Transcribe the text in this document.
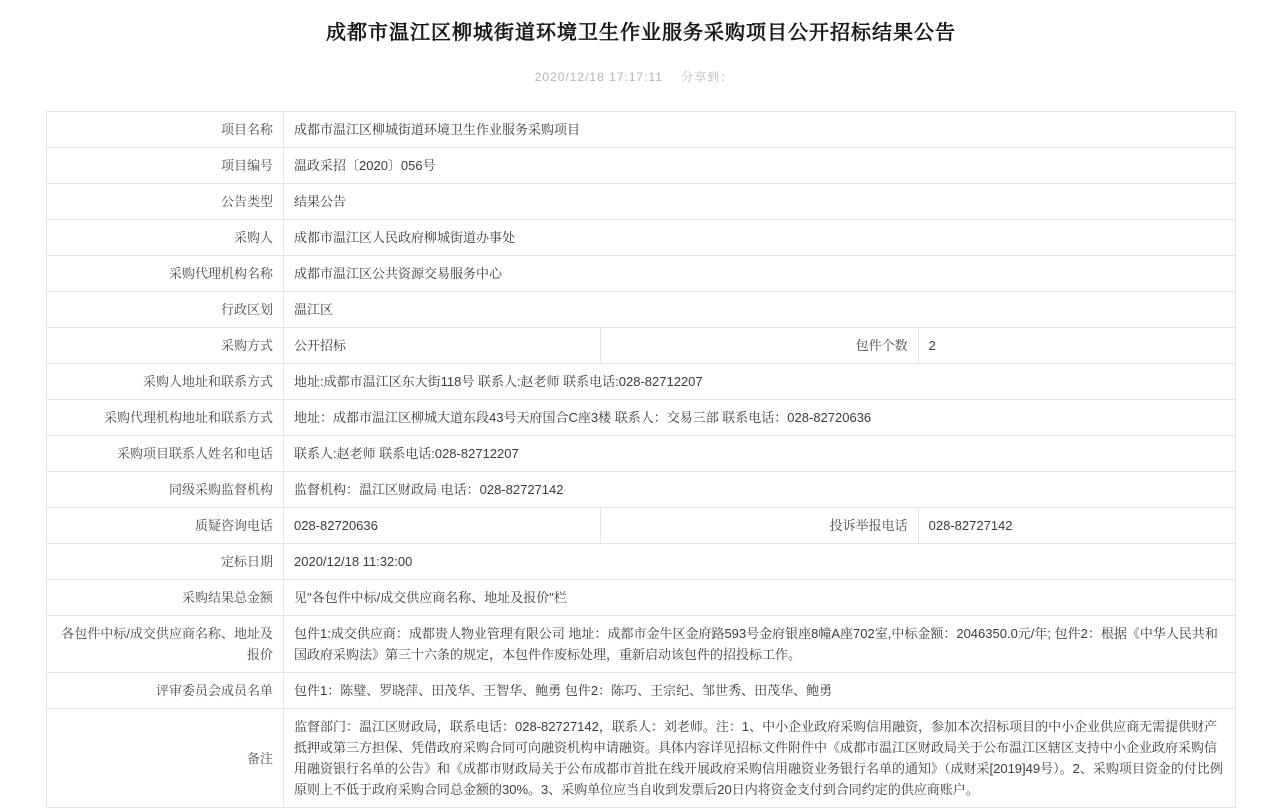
成都市温江区柳城街道环境卫生作业服务采购项目公开招标结果公告
2020/12/18 17:17:11 分享到：
项目名称	成都市温江区柳城街道环境卫生作业服务采购项目		
项目编号	温政采招〔2020〕056号		
公告类型	结果公告		
采购人	成都市温江区人民政府柳城街道办事处		
采购代理机构名称	成都市温江区公共资源交易服务中心		
行政区划	温江区		
采购方式	公开招标	包件个数	2
采购人地址和联系方式	地址:成都市温江区东大街118号 联系人:赵老师 联系电话:028-82712207		
采购代理机构地址和联系方式	地址：成都市温江区柳城大道东段43号天府国合C座3楼 联系人：交易三部 联系电话：028-82720636		
采购项目联系人姓名和电话	联系人:赵老师 联系电话:028-82712207		
同级采购监督机构	监督机构：温江区财政局 电话：028-82727142		
质疑咨询电话	028-82720636	投诉举报电话	028-82727142
定标日期	2020/12/18 11:32:00		
采购结果总金额	见"各包件中标/成交供应商名称、地址及报价"栏		
各包件中标/成交供应商名称、地址及报价	包件1:成交供应商：成都贵人物业管理有限公司 地址：成都市金牛区金府路593号金府银座8幢A座702室,中标金额：2046350.0元/年; 包件2：根据《中华人民共和国政府采购法》第三十六条的规定，本包件作废标处理，重新启动该包件的招投标工作。		
评审委员会成员名单	包件1：陈璧、罗晓萍、田茂华、王智华、鲍勇 包件2：陈巧、王宗纪、邹世秀、田茂华、鲍勇		
备注	监督部门：温江区财政局，联系电话：028-82727142，联系人：刘老师。注：1、中小企业政府采购信用融资，参加本次招标项目的中小企业供应商无需提供财产抵押或第三方担保、凭借政府采购合同可向融资机构申请融资。具体内容详见招标文件附件中《成都市温江区财政局关于公布温江区辖区支持中小企业政府采购信用融资银行名单的公告》和《成都市财政局关于公布成都市首批在线开展政府采购信用融资业务银行名单的通知》（成财采[2019]49号）。2、采购项目资金的付比例原则上不低于政府采购合同总金额的30%。3、采购单位应当自收到发票后20日内将资金支付到合同约定的供应商账户。		
